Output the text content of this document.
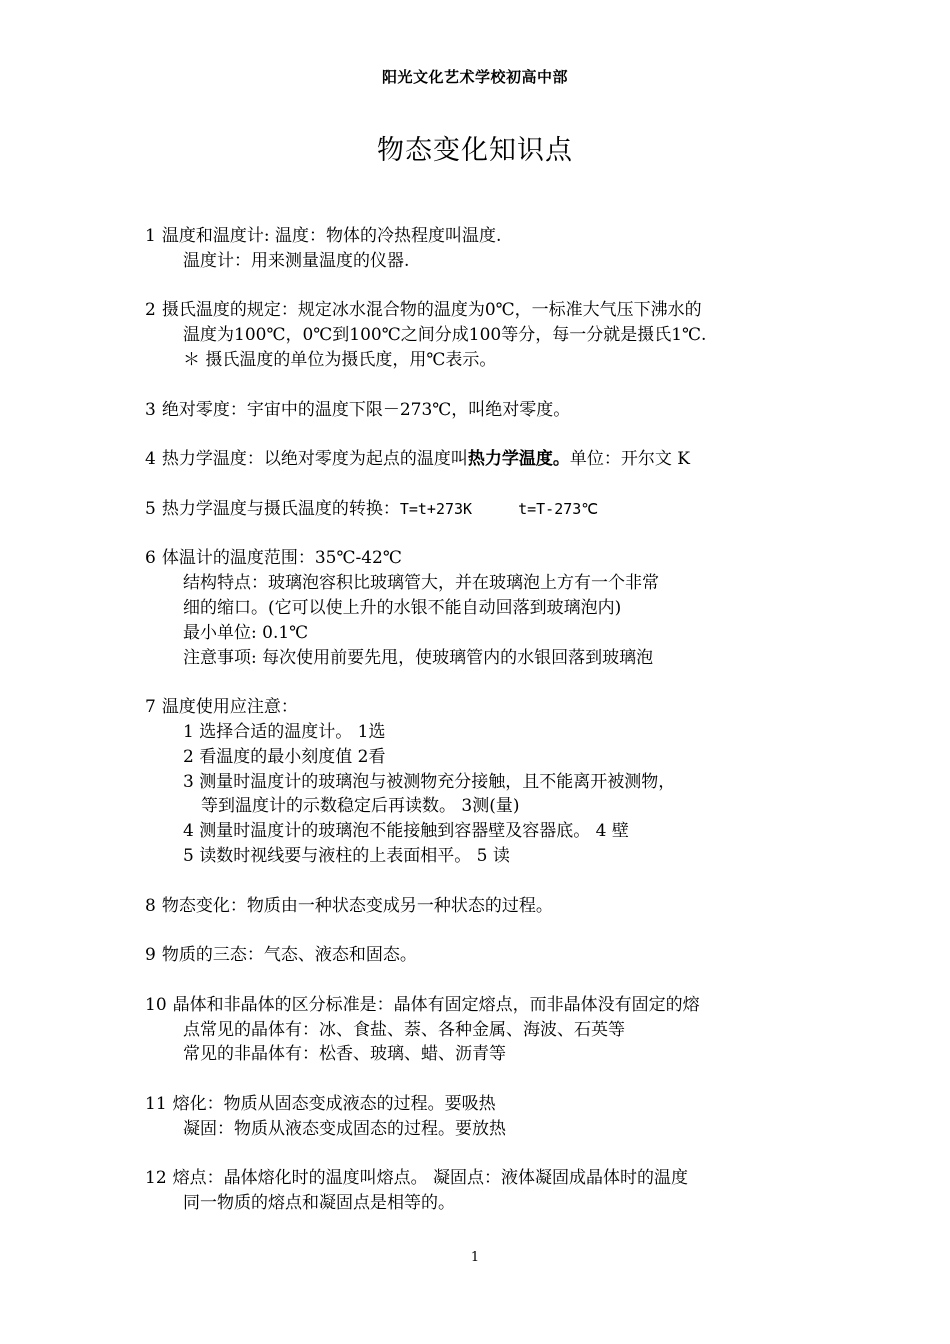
阳光文化艺术学校初高中部
物态变化知识点
1 温度和温度计: 温度：物体的冷热程度叫温度.
温度计：用来测量温度的仪器.
2 摄氏温度的规定：规定冰水混合物的温度为0℃，一标准大气压下沸水的
温度为100℃，0℃到100℃之间分成100等分，每一分就是摄氏1℃.
＊ 摄氏温度的单位为摄氏度，用℃表示。
3 绝对零度：宇宙中的温度下限－273℃，叫绝对零度。
4 热力学温度：以绝对零度为起点的温度叫热力学温度。单位：开尔文 K
5 热力学温度与摄氏温度的转换：T=t+273K	t=T-273℃
6 体温计的温度范围：35℃-42℃
结构特点：玻璃泡容积比玻璃管大，并在玻璃泡上方有一个非常
细的缩口。(它可以使上升的水银不能自动回落到玻璃泡内)
最小单位: 0.1℃
注意事项: 每次使用前要先甩，使玻璃管内的水银回落到玻璃泡
7 温度使用应注意：
1 选择合适的温度计。 1选
2 看温度的最小刻度值 2看
3 测量时温度计的玻璃泡与被测物充分接触，且不能离开被测物，
等到温度计的示数稳定后再读数。 3测(量)
4 测量时温度计的玻璃泡不能接触到容器壁及容器底。 4 壁
5 读数时视线要与液柱的上表面相平。 5 读
8 物态变化：物质由一种状态变成另一种状态的过程。
9 物质的三态：气态、液态和固态。
10 晶体和非晶体的区分标准是：晶体有固定熔点，而非晶体没有固定的熔
点常见的晶体有：冰、食盐、萘、各种金属、海波、石英等
常见的非晶体有：松香、玻璃、蜡、沥青等
11 熔化：物质从固态变成液态的过程。要吸热
凝固：物质从液态变成固态的过程。要放热
12 熔点：晶体熔化时的温度叫熔点。 凝固点：液体凝固成晶体时的温度
同一物质的熔点和凝固点是相等的。
1
